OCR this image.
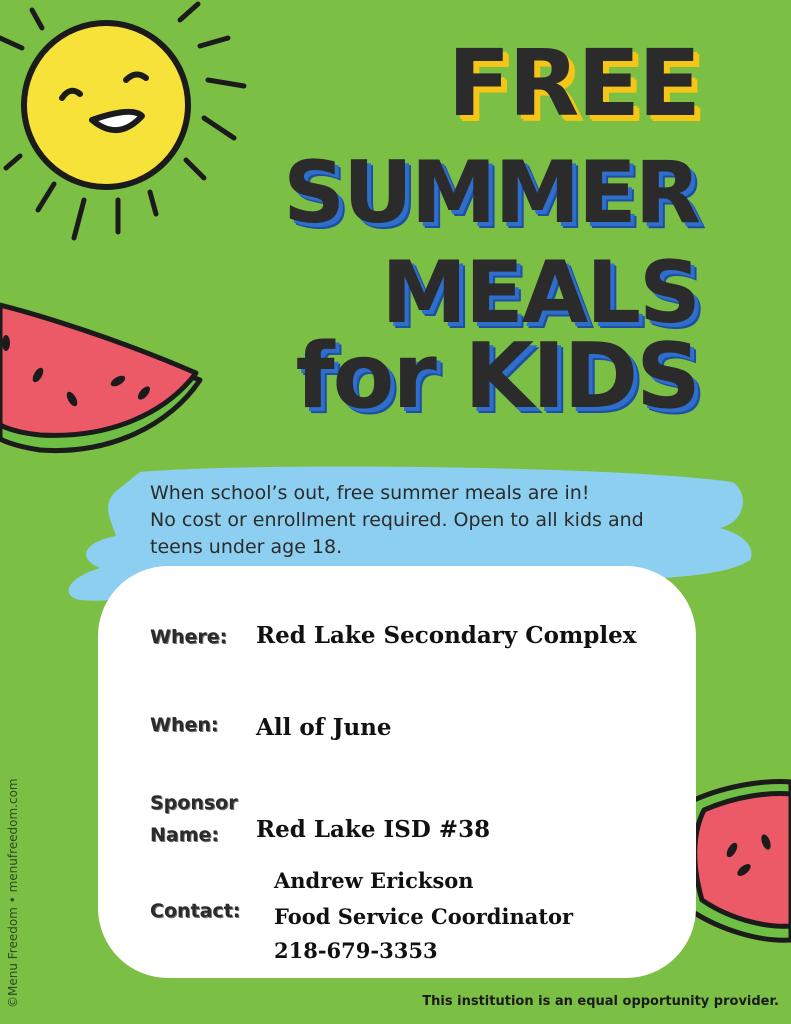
FREE
SUMMER
MEALS
for KIDS

When school’s out, free summer meals are in!
No cost or enrollment required. Open to all kids and
teens under age 18.

Where: Red Lake Secondary Complex
When: All of June
Sponsor
Name: Red Lake ISD #38
Contact:
Andrew Erickson
Food Service Coordinator
218-679-3353
©Menu Freedom • menufreedom.com	This institution is an equal opportunity provider.
